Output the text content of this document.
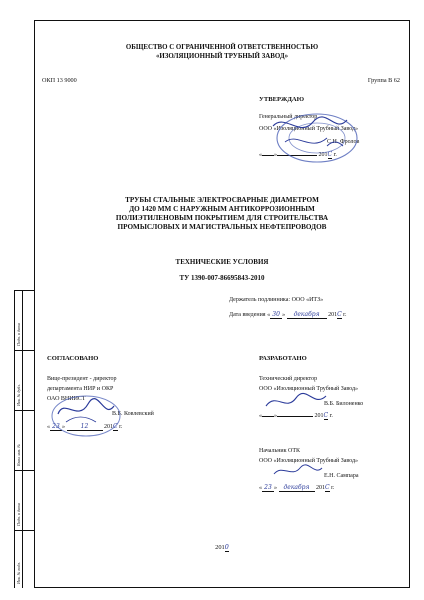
Подп. и дата
Инв. № дубл.
Взам. инв. №
Подп. и дата
Инв. № подл.
ОБЩЕСТВО С ОГРАНИЧЕННОЙ ОТВЕТСТВЕННОСТЬЮ
«ИЗОЛЯЦИОННЫЙ ТРУБНЫЙ ЗАВОД»
ОКП 13 9000	Группа В 62
УТВЕРЖДАЮ
Генеральный директор
ООО «Изоляционный Трубный Завод»
С.Н. Фролов
« »	201С г.
ТРУБЫ СТАЛЬНЫЕ ЭЛЕКТРОСВАРНЫЕ ДИАМЕТРОМ
ДО 1420 ММ С НАРУЖНЫМ АНТИКОРРОЗИОННЫМ
ПОЛИЭТИЛЕНОВЫМ ПОКРЫТИЕМ ДЛЯ СТРОИТЕЛЬСТВА
ПРОМЫСЛОВЫХ И МАГИСТРАЛЬНЫХ НЕФТЕПРОВОДОВ
ТЕХНИЧЕСКИЕ УСЛОВИЯ
ТУ 1390-007-86695843-2010
Держатель подлинника: ООО «ИТЗ»
Дата введения « 30 » декабря 201С г.
СОГЛАСОВАНО
Вице-президент - директор
департамента НИР и ОКР
ОАО ВНИИСТ
В.Б. Ковлевский
« 23 » 12	201С г.
РАЗРАБОТАНО
Технический директор
ООО «Изоляционный Трубный Завод»
В.Б. Билоненко
« »	201С г.
Начальник ОТК
ООО «Изоляционный Трубный Завод»
Е.Н. Сампара
« 23 » декабря 201С г.
2010
